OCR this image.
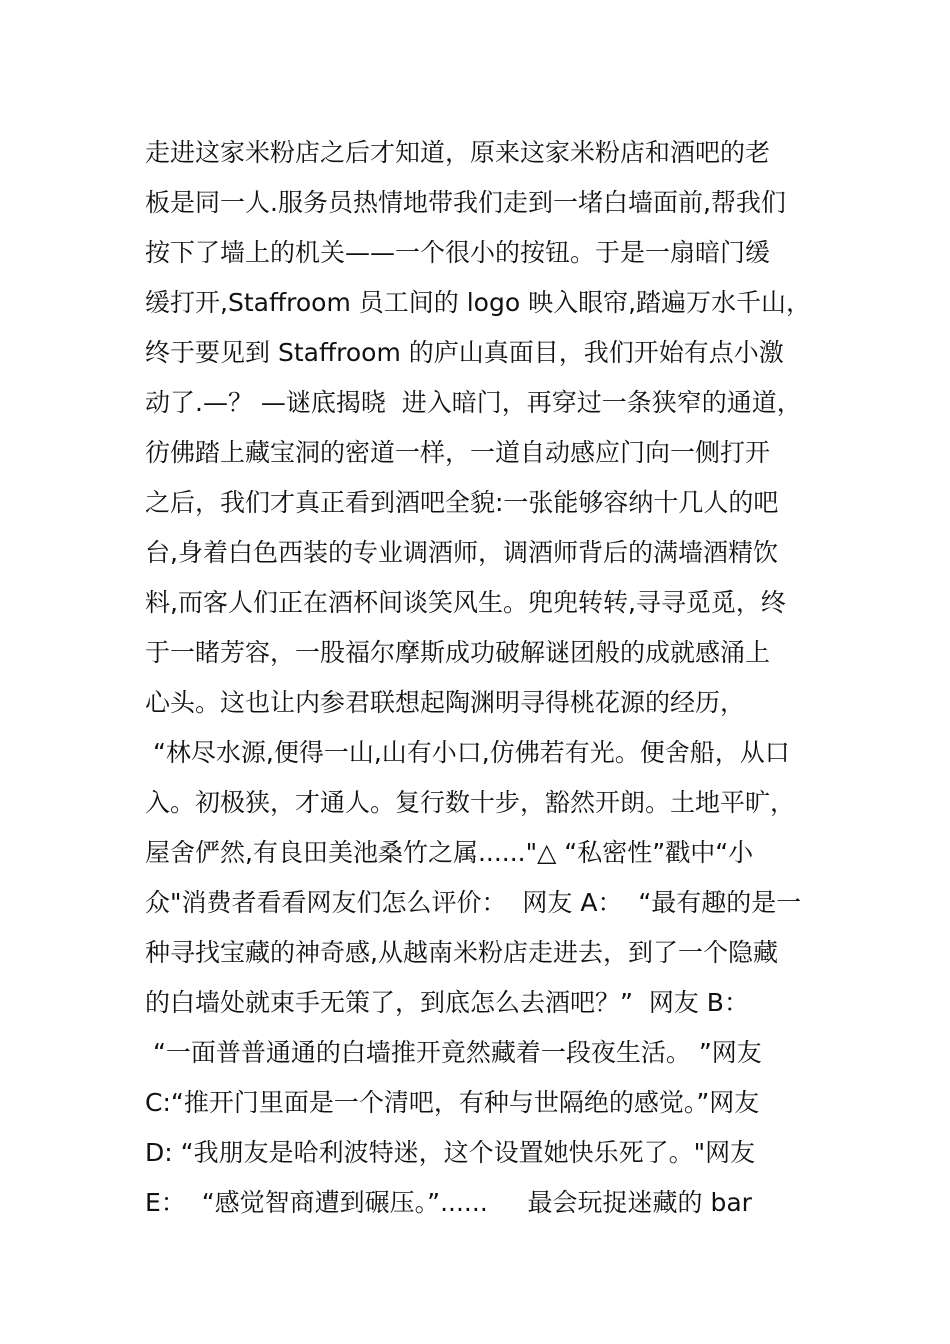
走进这家米粉店之后才知道，原来这家米粉店和酒吧的老
板是同一人.服务员热情地带我们走到一堵白墙面前,帮我们
按下了墙上的机关——一个很小的按钮。于是一扇暗门缓
缓打开,Staffroom 员工间的 logo 映入眼帘,踏遍万水千山，
终于要见到 Staffroom 的庐山真面目，我们开始有点小激
动了.—？ —谜底揭晓  进入暗门，再穿过一条狭窄的通道，
彷佛踏上藏宝洞的密道一样，一道自动感应门向一侧打开
之后，我们才真正看到酒吧全貌:一张能够容纳十几人的吧
台,身着白色西装的专业调酒师，调酒师背后的满墙酒精饮
料,而客人们正在酒杯间谈笑风生。兜兜转转,寻寻觅觅，终
于一睹芳容，一股福尔摩斯成功破解谜团般的成就感涌上
心头。这也让内参君联想起陶渊明寻得桃花源的经历，
“林尽水源,便得一山,山有小口,仿佛若有光。便舍船，从口
入。初极狭，才通人。复行数十步，豁然开朗。土地平旷，
屋舍俨然,有良田美池桑竹之属......"△ “私密性”戳中“小
众"消费者看看网友们怎么评价：  网友 A：  “最有趣的是一
种寻找宝藏的神奇感,从越南米粉店走进去，到了一个隐藏
的白墙处就束手无策了，到底怎么去酒吧？”  网友 B：
“一面普普通通的白墙推开竟然藏着一段夜生活。 ”网友
C:“推开门里面是一个清吧，有种与世隔绝的感觉。”网友
D: “我朋友是哈利波特迷，这个设置她快乐死了。"网友
E：  “感觉智商遭到碾压。”......     最会玩捉迷藏的 bar
